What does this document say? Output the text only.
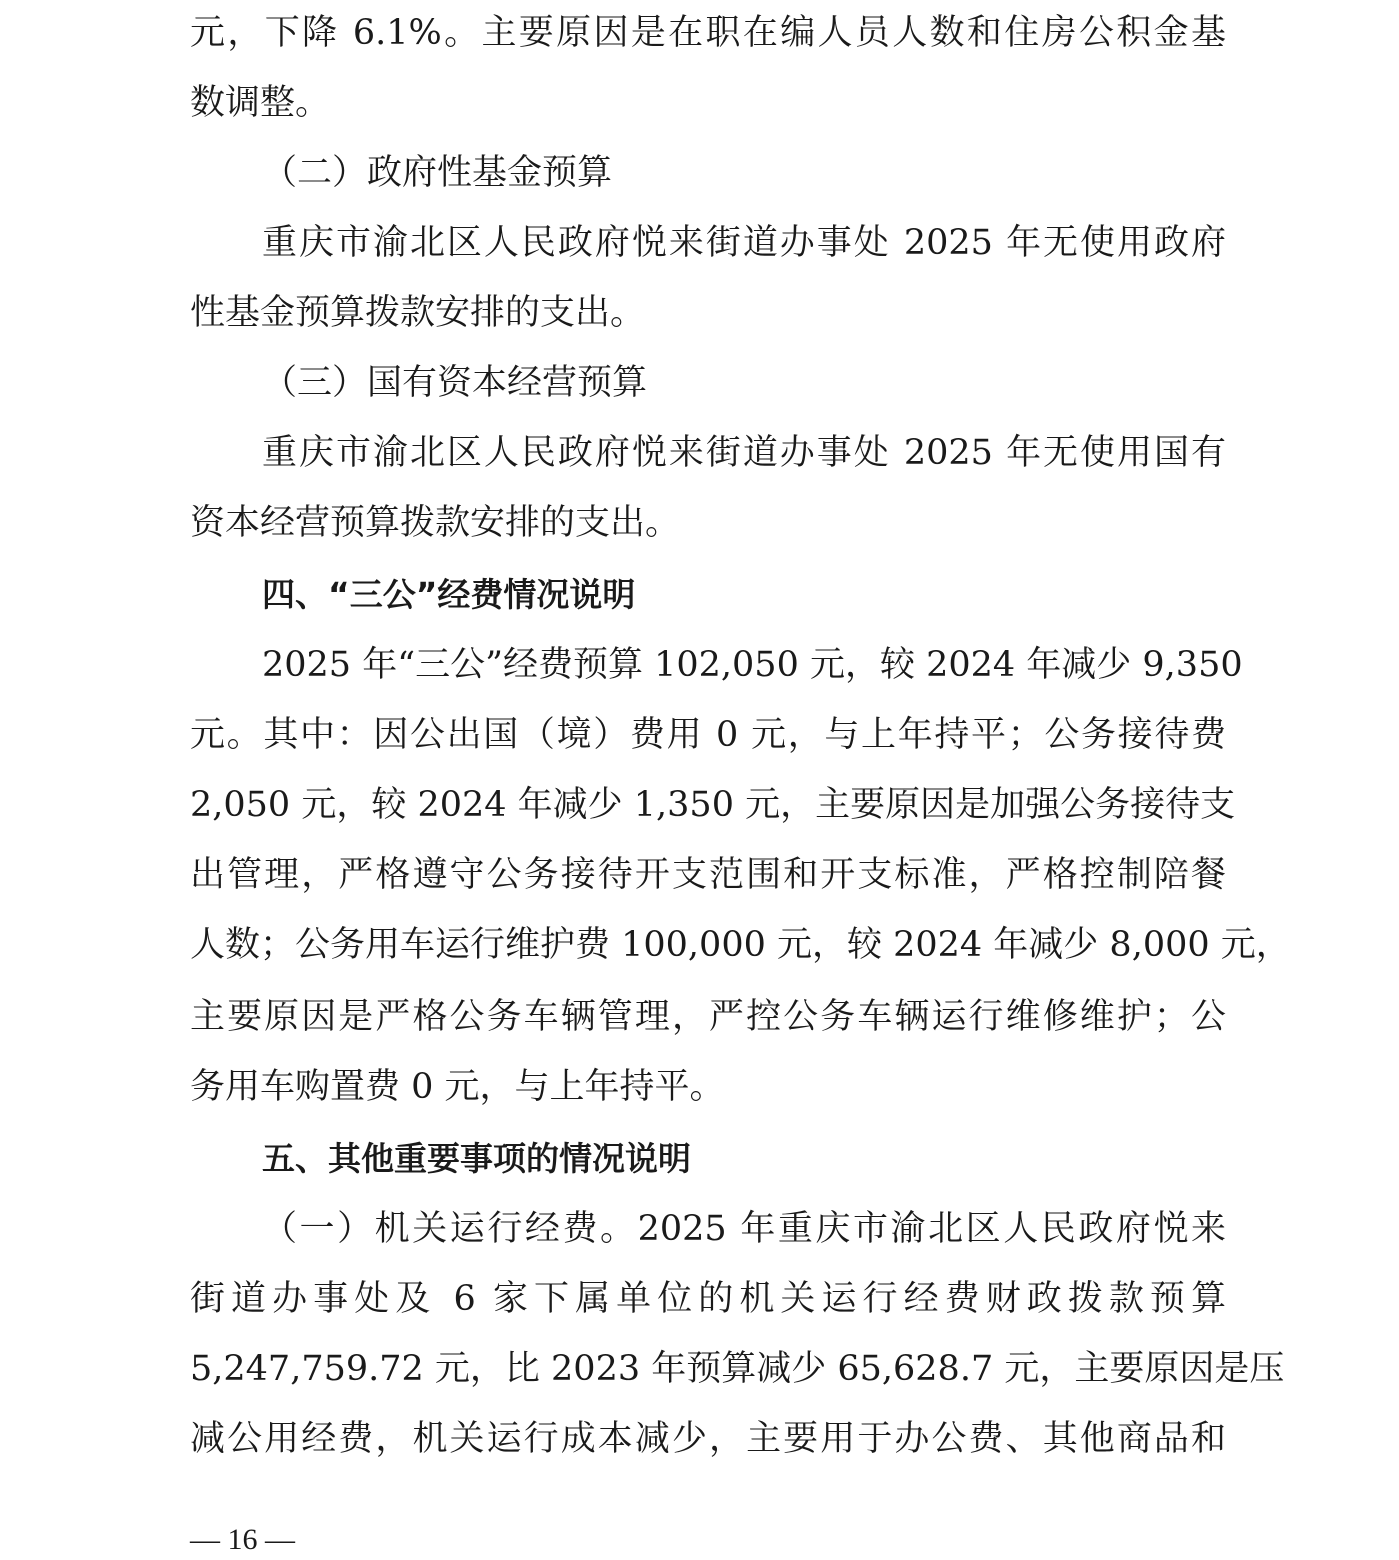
元，下降 6.1%。主要原因是在职在编人员人数和住房公积金基
数调整。
（二）政府性基金预算
重庆市渝北区人民政府悦来街道办事处 2025 年无使用政府
性基金预算拨款安排的支出。
（三）国有资本经营预算
重庆市渝北区人民政府悦来街道办事处 2025 年无使用国有
资本经营预算拨款安排的支出。
四、“三公”经费情况说明
2025 年“三公”经费预算 102,050 元，较 2024 年减少 9,350
元。其中：因公出国（境）费用 0 元，与上年持平；公务接待费
2,050 元，较 2024 年减少 1,350 元，主要原因是加强公务接待支
出管理，严格遵守公务接待开支范围和开支标准，严格控制陪餐
人数；公务用车运行维护费 100,000 元，较 2024 年减少 8,000 元，
主要原因是严格公务车辆管理，严控公务车辆运行维修维护；公
务用车购置费 0 元，与上年持平。
五、其他重要事项的情况说明
（一）机关运行经费。2025 年重庆市渝北区人民政府悦来
街道办事处及 6 家下属单位的机关运行经费财政拨款预算
5,247,759.72 元，比 2023 年预算减少 65,628.7 元，主要原因是压
减公用经费，机关运行成本减少，主要用于办公费、其他商品和
— 16 —
